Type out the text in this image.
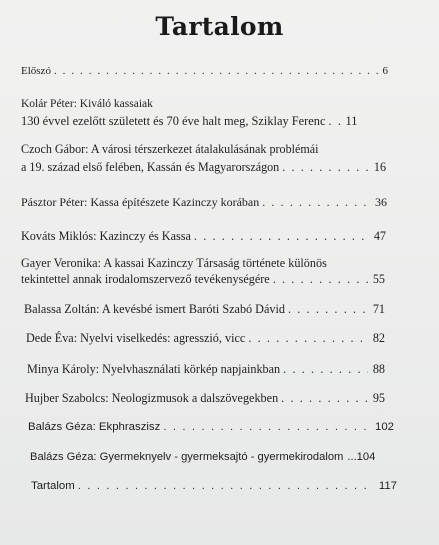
Tartalom
Előszó . . .	6
Kolár Péter: Kiváló kassaiak
130 évvel ezelőtt született és 70 éve halt meg, Sziklay Ferenc . . . 11
Czoch Gábor: A városi térszerkezet átalakulásának problémái
a 19. század első felében, Kassán és Magyarországon . . .	16
Pásztor Péter: Kassa építészete Kazinczy korában . . .	36
Kováts Miklós: Kazinczy és Kassa . . .	47
Gayer Veronika: A kassai Kazinczy Társaság története különös
tekintettel annak irodalomszervező tevékenységére . . .	55
Balassa Zoltán: A kevésbé ismert Baróti Szabó Dávid . . .	71
Dede Éva: Nyelvi viselkedés: agresszió, vicc . . .	82
Minya Károly: Nyelvhasználati körkép napjainkban . . .	88
Hujber Szabolcs: Neologizmusok a dalszövegekben . . .	95
Balázs Géza: Ekphraszisz . . .	102
Balázs Géza: Gyermeknyelv - gyermeksajtó - gyermekirodalom ...104
Tartalom . . .	117
